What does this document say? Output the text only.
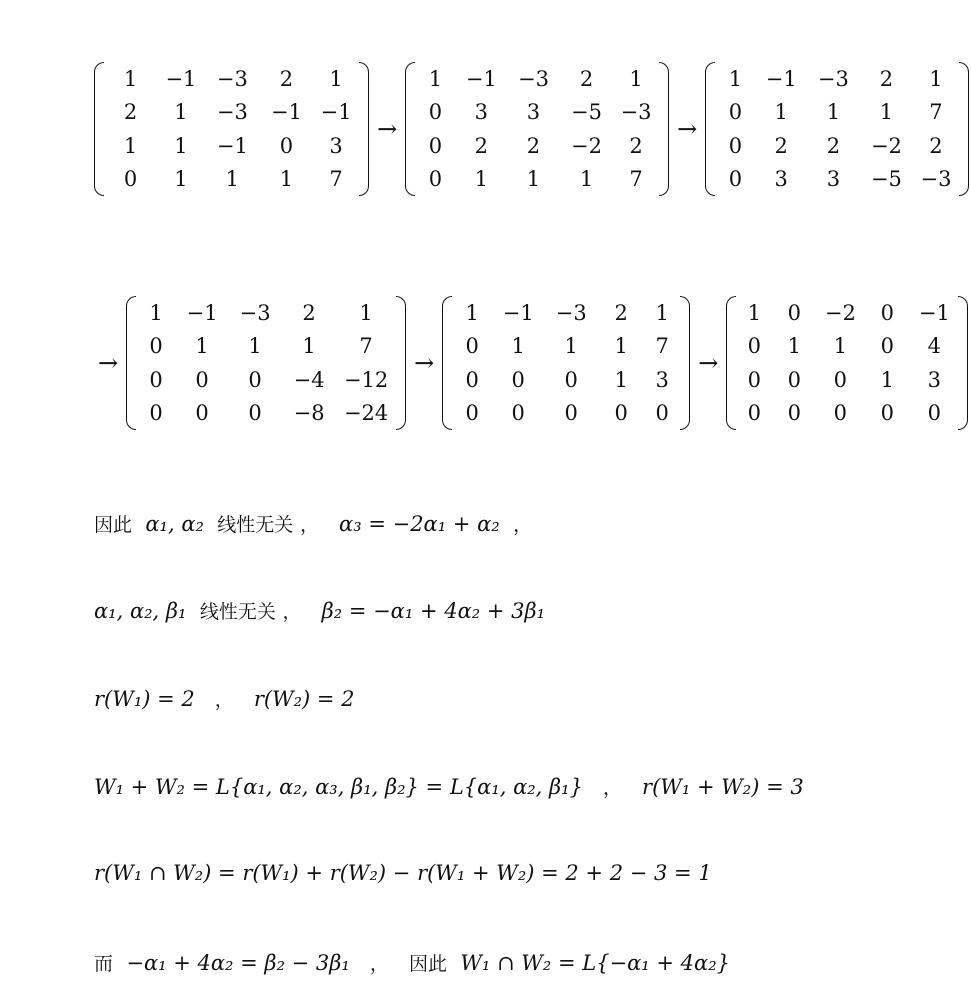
1	−1	−3	2	1
2	1	−3	−1	−1
1	1	−1	0	3
0	1	1	1	7
→
1	−1	−3	2	1
0	3	3	−5	−3
0	2	2	−2	2
0	1	1	1	7
→
1	−1	−3	2	1
0	1	1	1	7
0	2	2	−2	2
0	3	3	−5	−3
→
1	−1	−3	2	1
0	1	1	1	7
0	0	0	−4	−12
0	0	0	−8	−24
→
1	−1	−3	2	1
0	1	1	1	7
0	0	0	1	3
0	0	0	0	0
→
1	0	−2	0	−1
0	1	1	0	4
0	0	0	1	3
0	0	0	0	0
因此 α₁, α₂ 线性无关 ， α₃ = −2α₁ + α₂ ，
α₁, α₂, β₁ 线性无关 ， β₂ = −α₁ + 4α₂ + 3β₁
r(W₁) = 2 ， r(W₂) = 2
W₁ + W₂ = L{α₁, α₂, α₃, β₁, β₂} = L{α₁, α₂, β₁} ， r(W₁ + W₂) = 3
r(W₁ ∩ W₂) = r(W₁) + r(W₂) − r(W₁ + W₂) = 2 + 2 − 3 = 1
而 −α₁ + 4α₂ = β₂ − 3β₁ ， 因此 W₁ ∩ W₂ = L{−α₁ + 4α₂}
